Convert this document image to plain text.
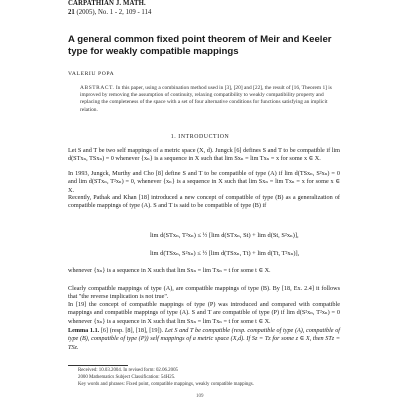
CARPATHIAN J. MATH.
21 (2005), No. 1 - 2, 109 - 114
A general common fixed point theorem of Meir and Keeler type for weakly compatible mappings
VALERIU POPA
ABSTRACT. In this paper, using a combination method used in [3], [20] and [22], the result of [16, Theorem 1] is improved by removing the assumption of continuity, relaxing compatibility to weakly compatibility property and replacing the completeness of the space with a set of four alternative conditions for functions satisfying an implicit relation.
1. INTRODUCTION
Let S and T be two self mappings of a metric space (X, d). Jungck [6] defines S and T to be compatible if lim d(STxₙ, TSxₙ) = 0 whenever {xₙ} is a sequence in X such that lim Sxₙ = lim Txₙ = x for some x ∈ X.
In 1993, Jungck, Murthy and Cho [8] define S and T to be compatible of type (A) if lim d(TSxₙ, S²xₙ) = 0 and lim d(STxₙ, T²xₙ) = 0, whenever {xₙ} is a sequence in X such that lim Sxₙ = lim Txₙ = x for some x ∈ X.
Recently, Pathak and Khan [18] introduced a new concept of compatible of type (B) as a generalization of compatible mappings of type (A). S and T is said to be compatible of type (B) if
lim d(STxₙ, T²xₙ) ≤ ½ [lim d(STxₙ, St) + lim d(St, S²xₙ)],
lim d(TSxₙ, S²xₙ) ≤ ½ [lim d(TSxₙ, Tt) + lim d(Tt, T²xₙ)],
whenever {xₙ} is a sequence in X such that lim Sxₙ = lim Txₙ = t for some t ∈ X.
Clearly compatible mappings of type (A), are compatible mappings of type (B). By [18, Ex. 2.4] it follows that "the reverse implication is not true".
In [19] the concept of compatible mappings of type (P) was introduced and compared with compatible mappings and compatible mappings of type (A). S and T are compatible of type (P) if lim d(S²xₙ, T²xₙ) = 0 whenever {xₙ} is a sequence in X such that lim Sxₙ = lim Txₙ = t for some t ∈ X.
Lemma 1.1. [6] (resp. [8], [18], [19]). Let S and T be compatible (resp. compatible of type (A), compatible of type (B), compatible of type (P)) self mappings of a metric space (X,d). If Sz = Tz for some z ∈ X, then STz = TSz.
Received: 10.03.2004. In revised form: 02.06.2005
2000 Mathematics Subject Classification: 54H25.
Key words and phrases: Fixed point, compatible mappings, weakly compatible mappings.
109
